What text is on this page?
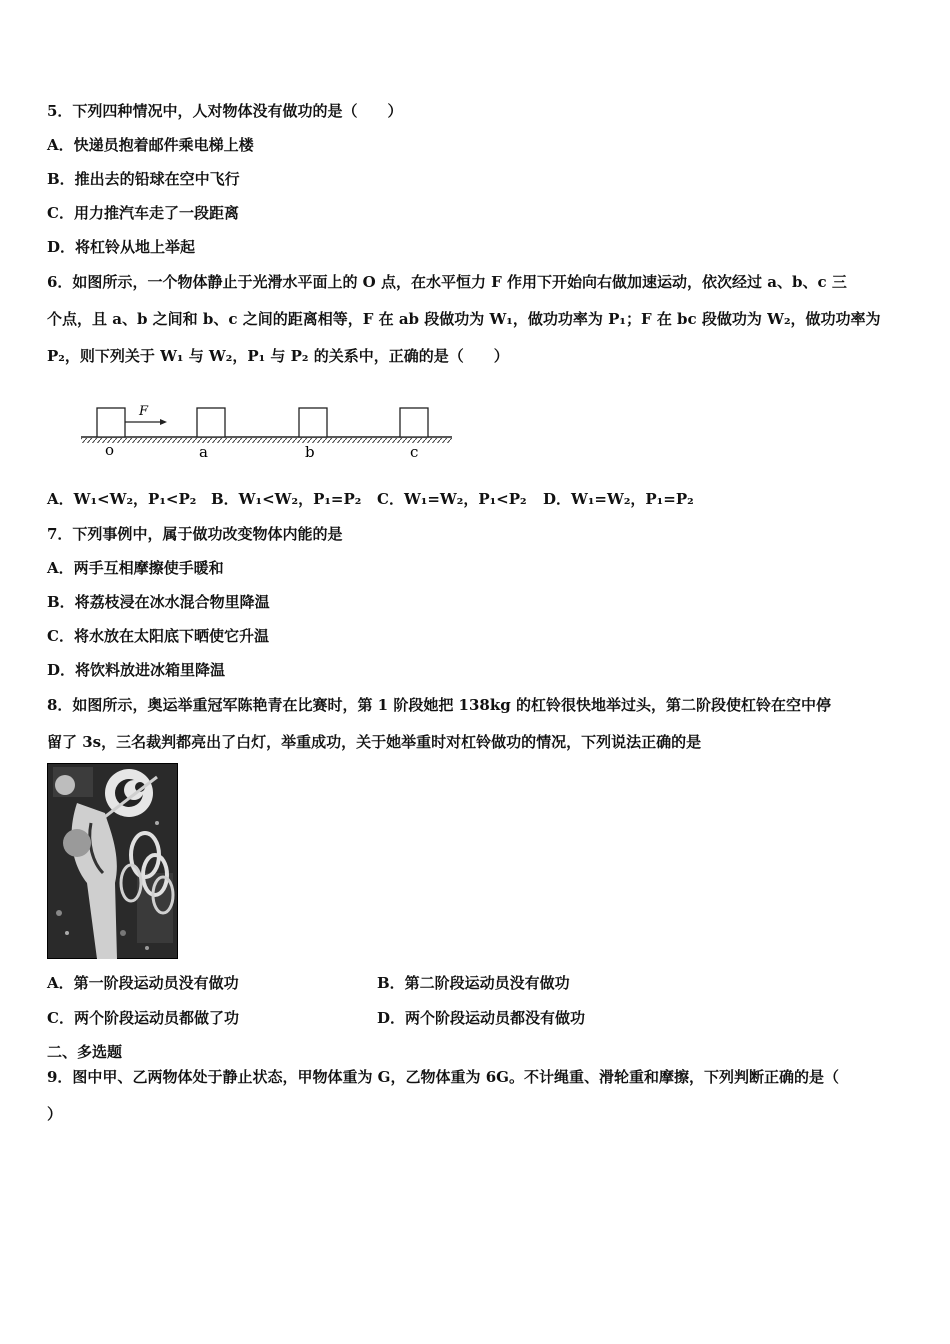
5．下列四种情况中，人对物体没有做功的是（　　）
A．快递员抱着邮件乘电梯上楼
B．推出去的铅球在空中飞行
C．用力推汽车走了一段距离
D．将杠铃从地上举起
6．如图所示，一个物体静止于光滑水平面上的 O 点，在水平恒力 F 作用下开始向右做加速运动，依次经过 a、b、c 三
个点，且 a、b 之间和 b、c 之间的距离相等，F 在 ab 段做功为 W₁，做功功率为 P₁；F 在 bc 段做功为 W₂，做功功率为
P₂，则下列关于 W₁ 与 W₂，P₁ 与 P₂ 的关系中，正确的是（　　）
F
o	a	b	c
A．W₁<W₂，P₁<P₂ B．W₁<W₂，P₁=P₂ C．W₁=W₂，P₁<P₂ D．W₁=W₂，P₁=P₂
7．下列事例中，属于做功改变物体内能的是
A．两手互相摩擦使手暖和
B．将荔枝浸在冰水混合物里降温
C．将水放在太阳底下晒使它升温
D．将饮料放进冰箱里降温
8．如图所示，奥运举重冠军陈艳青在比赛时，第 1 阶段她把 138kg 的杠铃很快地举过头，第二阶段使杠铃在空中停
留了 3s，三名裁判都亮出了白灯，举重成功，关于她举重时对杠铃做功的情况，下列说法正确的是
A．第一阶段运动员没有做功	B．第二阶段运动员没有做功
C．两个阶段运动员都做了功	D．两个阶段运动员都没有做功
二、多选题
9．图中甲、乙两物体处于静止状态，甲物体重为 G，乙物体重为 6G。不计绳重、滑轮重和摩擦，下列判断正确的是（
）
